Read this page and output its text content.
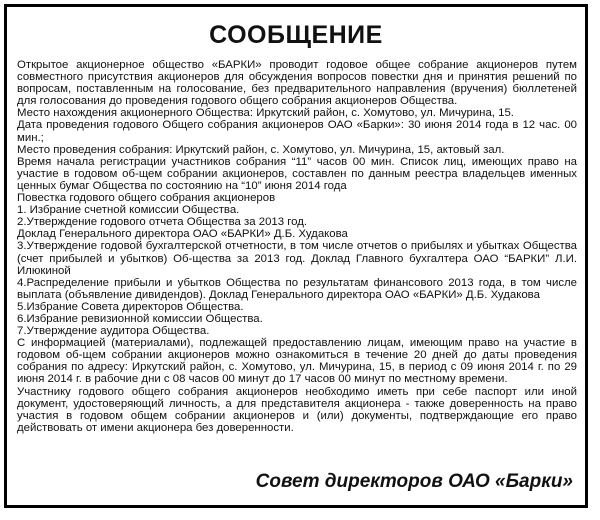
СООБЩЕНИЕ

Открытое акционерное общество «БАРКИ» проводит годовое общее собрание акционеров путем совместного присутствия акционеров для обсуждения вопросов повестки дня и принятия решений по вопросам, поставленным на голосование, без предварительного направления (вручения) бюллетеней для голосования до проведения годового общего собрания акционеров Общества.

Место нахождения акционерного Общества: Иркутский район, с. Хомутово, ул. Мичурина, 15.

Дата проведения годового Общего собрания акционеров ОАО «Барки»: 30 июня 2014 года в 12 час. 00 мин.;

Место проведения собрания: Иркутский район, с. Хомутово, ул. Мичурина, 15, актовый зал.

Время начала регистрации участников собрания “11” часов 00 мин. Список лиц, имеющих право на участие в годовом об-щем собрании акционеров, составлен по данным реестра владельцев именных ценных бумаг Общества по состоянию на “10” июня 2014 года

Повестка годового общего собрания акционеров

1. Избрание счетной комиссии Общества.

2.Утверждение годового отчета Общества за 2013 год.

Доклад Генерального директора ОАО «БАРКИ» Д.Б. Худакова

3.Утверждение годовой бухгалтерской отчетности, в том числе отчетов о прибылях и убытках Общества (счет прибылей и убытков) Об-щества за 2013 год. Доклад Главного бухгалтера ОАО “БАРКИ” Л.И. Илюкиной

4.Распределение прибыли и убытков Общества по результатам финансового 2013 года, в том числе выплата (объявление дивидендов). Доклад Генерального директора ОАО «БАРКИ» Д.Б. Худакова

5.Избрание Совета директоров Общества.

6.Избрание ревизионной комиссии Общества.

7.Утверждение аудитора Общества.

С информацией (материалами), подлежащей предоставлению лицам, имеющим право на участие в годовом об-щем собрании акционеров можно ознакомиться в течение 20 дней до даты проведения собрания по адресу: Иркутский район, с. Хомутово, ул. Мичурина, 15, в период с 09 июня 2014 г. по 29 июня 2014 г. в рабочие дни с 08 часов 00 минут до 17 часов 00 минут по местному времени.

Участнику годового общего собрания акционеров необходимо иметь при себе паспорт или иной документ, удостоверяющий личность, а для представителя акционера - также доверенность на право участия в годовом общем собрании акционеров и (или) документы, подтверждающие его право действовать от имени акционера без доверенности.

Совет директоров ОАО «Барки»
